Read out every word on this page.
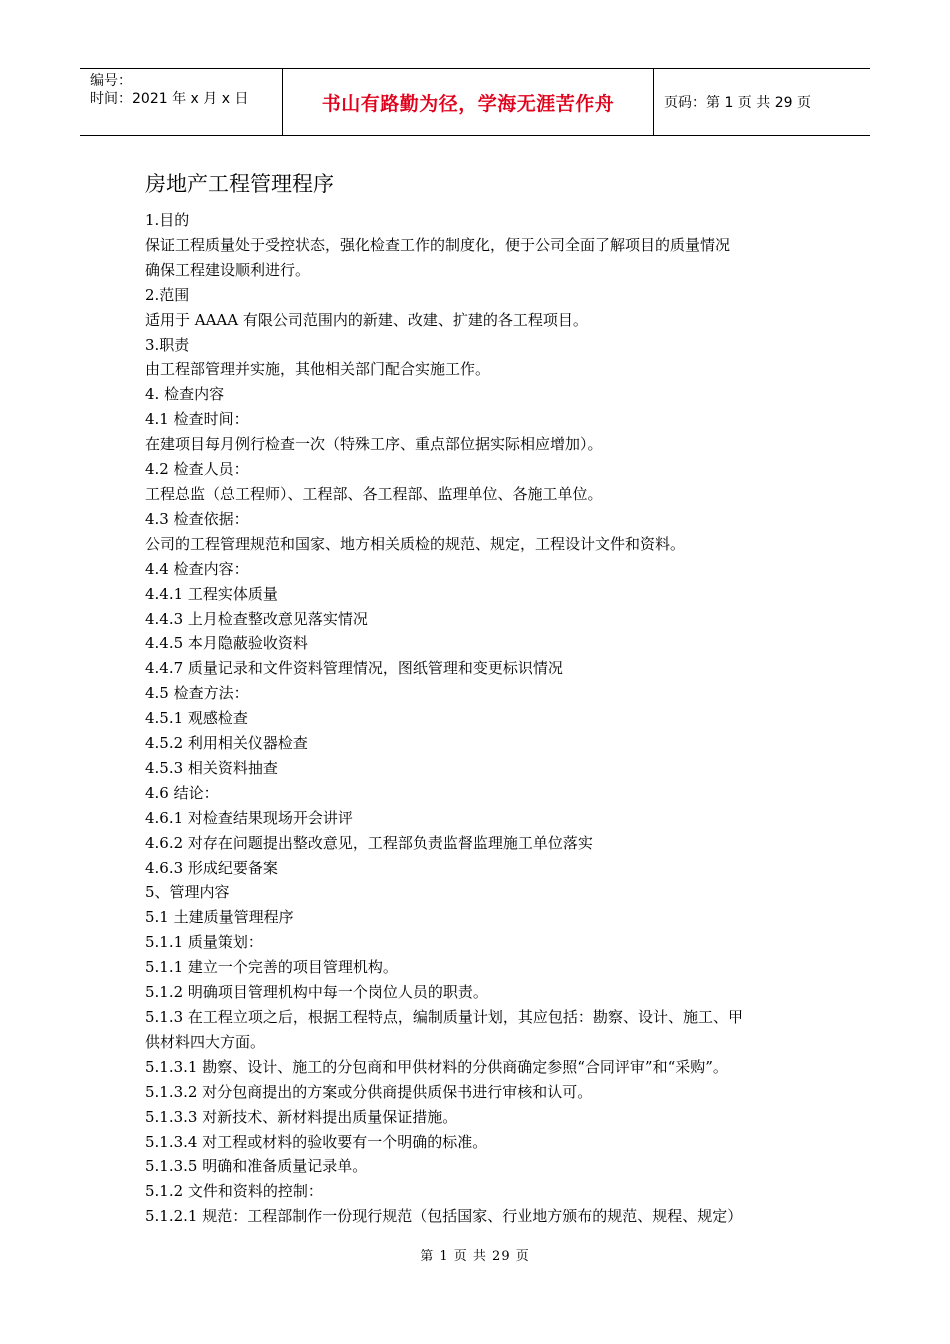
编号：
时间：2021 年 x 月 x 日	书山有路勤为径，学海无涯苦作舟	页码：第 1 页 共 29 页
房地产工程管理程序
1.目的
保证工程质量处于受控状态，强化检查工作的制度化，便于公司全面了解项目的质量情况
确保工程建设顺利进行。
2.范围
适用于 AAAA 有限公司范围内的新建、改建、扩建的各工程项目。
3.职责
由工程部管理并实施，其他相关部门配合实施工作。
4. 检查内容
4.1 检查时间：
在建项目每月例行检查一次（特殊工序、重点部位据实际相应增加）。
4.2 检查人员：
工程总监（总工程师）、工程部、各工程部、监理单位、各施工单位。
4.3 检查依据：
公司的工程管理规范和国家、地方相关质检的规范、规定，工程设计文件和资料。
4.4 检查内容：
4.4.1 工程实体质量
4.4.3 上月检查整改意见落实情况
4.4.5 本月隐蔽验收资料
4.4.7 质量记录和文件资料管理情况，图纸管理和变更标识情况
4.5 检查方法：
4.5.1 观感检查
4.5.2 利用相关仪器检查
4.5.3 相关资料抽查
4.6 结论：
4.6.1 对检查结果现场开会讲评
4.6.2 对存在问题提出整改意见，工程部负责监督监理施工单位落实
4.6.3 形成纪要备案
5、管理内容
5.1 土建质量管理程序
5.1.1 质量策划：
5.1.1 建立一个完善的项目管理机构。
5.1.2 明确项目管理机构中每一个岗位人员的职责。
5.1.3 在工程立项之后，根据工程特点，编制质量计划，其应包括：勘察、设计、施工、甲
供材料四大方面。
5.1.3.1 勘察、设计、施工的分包商和甲供材料的分供商确定参照“合同评审”和“采购”。
5.1.3.2 对分包商提出的方案或分供商提供质保书进行审核和认可。
5.1.3.3 对新技术、新材料提出质量保证措施。
5.1.3.4 对工程或材料的验收要有一个明确的标准。
5.1.3.5 明确和准备质量记录单。
5.1.2 文件和资料的控制：
5.1.2.1 规范：工程部制作一份现行规范（包括国家、行业地方颁布的规范、规程、规定）
第 1 页 共 29 页
